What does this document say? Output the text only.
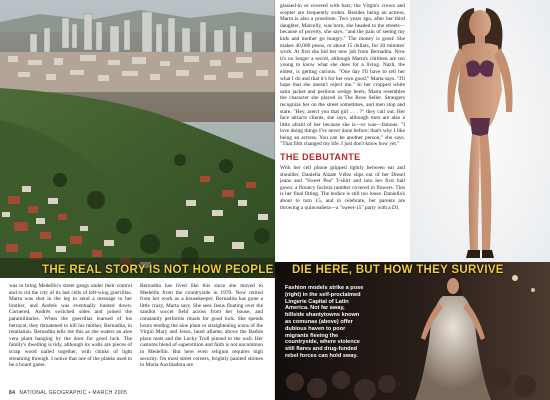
THE REAL STORY IS NOT HOW PEOPLE DIE HERE, BUT HOW THEY SURVIVE

was to bring Medellín's street gangs under their control and to rid the city of its last cells of left-wing guerrillas. Marta was shot in the leg to send a message to her brother, and Andrés was eventually hunted down. Cornered, Andrés switched sides and joined the paramilitaries. When the guerrillas learned of his betrayal, they threatened to kill his mother, Bernadita, in retaliation. Bernadita tells me this as she waters an aloe vera plant hanging by the door for good luck. The family's dwelling is tidy, although its walls are pieces of scrap wood nailed together, with chinks of light streaming through. I notice that one of the planks used to be a board game.

Bernadita has lived like this since she moved to Medellín from the countryside in 1970. Now retired from her work as a housekeeper, Bernadita has gone a little crazy, Marta says. She sees Jesus floating over the sandlot soccer field across from her house, and constantly performs rituals for good luck. She spends hours tending the aloe plant or straightening icons of the Virgin Mary and Jesus, heart aflame, above the Barbie place mats and the Lucky Troll pinned to the wall. Her customs blend of superstition and faith is not uncommon in Medellín. But here even religion requires high security. On most street corners, brightly painted shrines to María Auxiliadora are

glassed-in or covered with bars; the Virgin's crown and scepter are frequently stolen. Besides being an actress, Marta is also a prostitute. Two years ago, after her third daughter, Marcelly, was born, she headed to the streets—because of poverty, she says, "and the pain of seeing my kids and mother go hungry." The money is good: She makes 40,000 pesos, or about 15 dollars, for 20 minutes' work. At first she hid her new job from Bernadita. Now it's no longer a secret, although Marta's children are too young to know what she does for a living. Nazli, the eldest, is getting curious. "One day I'll have to tell her what I do and that it's for her own good," Marta says. "I'll hope that she doesn't reject me." In her cropped white satin jacket and perilous wedge heels, Marta resembles the character she played in The Rose Seller. Strangers recognize her on the street sometimes, and men stop and stare. "Hey, aren't you that girl . . . ?" they call out. Her face attracts clients, she says, although men are also a little afraid of her because she is—or was—famous. "I love doing things I've never done before; that's why I like being an actress. You can be another person," she says. "That film changed my life. I just don't know how yet."

THE DEBUTANTE

With her cell phone gripped tightly between ear and shoulder, Daniella Alzate Vélez slips out of her Diesel jeans and "Sweet Pea" T-shirt and into her first ball gown: a flouncy fuchsia number covered in flowers. This is her final fitting. The bodice is still too loose. Daniella's about to turn 15, and to celebrate, her parents are throwing a quinceañera—a "sweet-15" party with a DJ,

Fashion models strike a pose (right) in the self-proclaimed Lingerie Capital of Latin America. Not far away, hillside shantytowns known as comunas (above) offer dubious haven to poor migrants fleeing the countryside, where violence still flares and drug-funded rebel forces can hold sway.
84 NATIONAL GEOGRAPHIC • MARCH 2005
